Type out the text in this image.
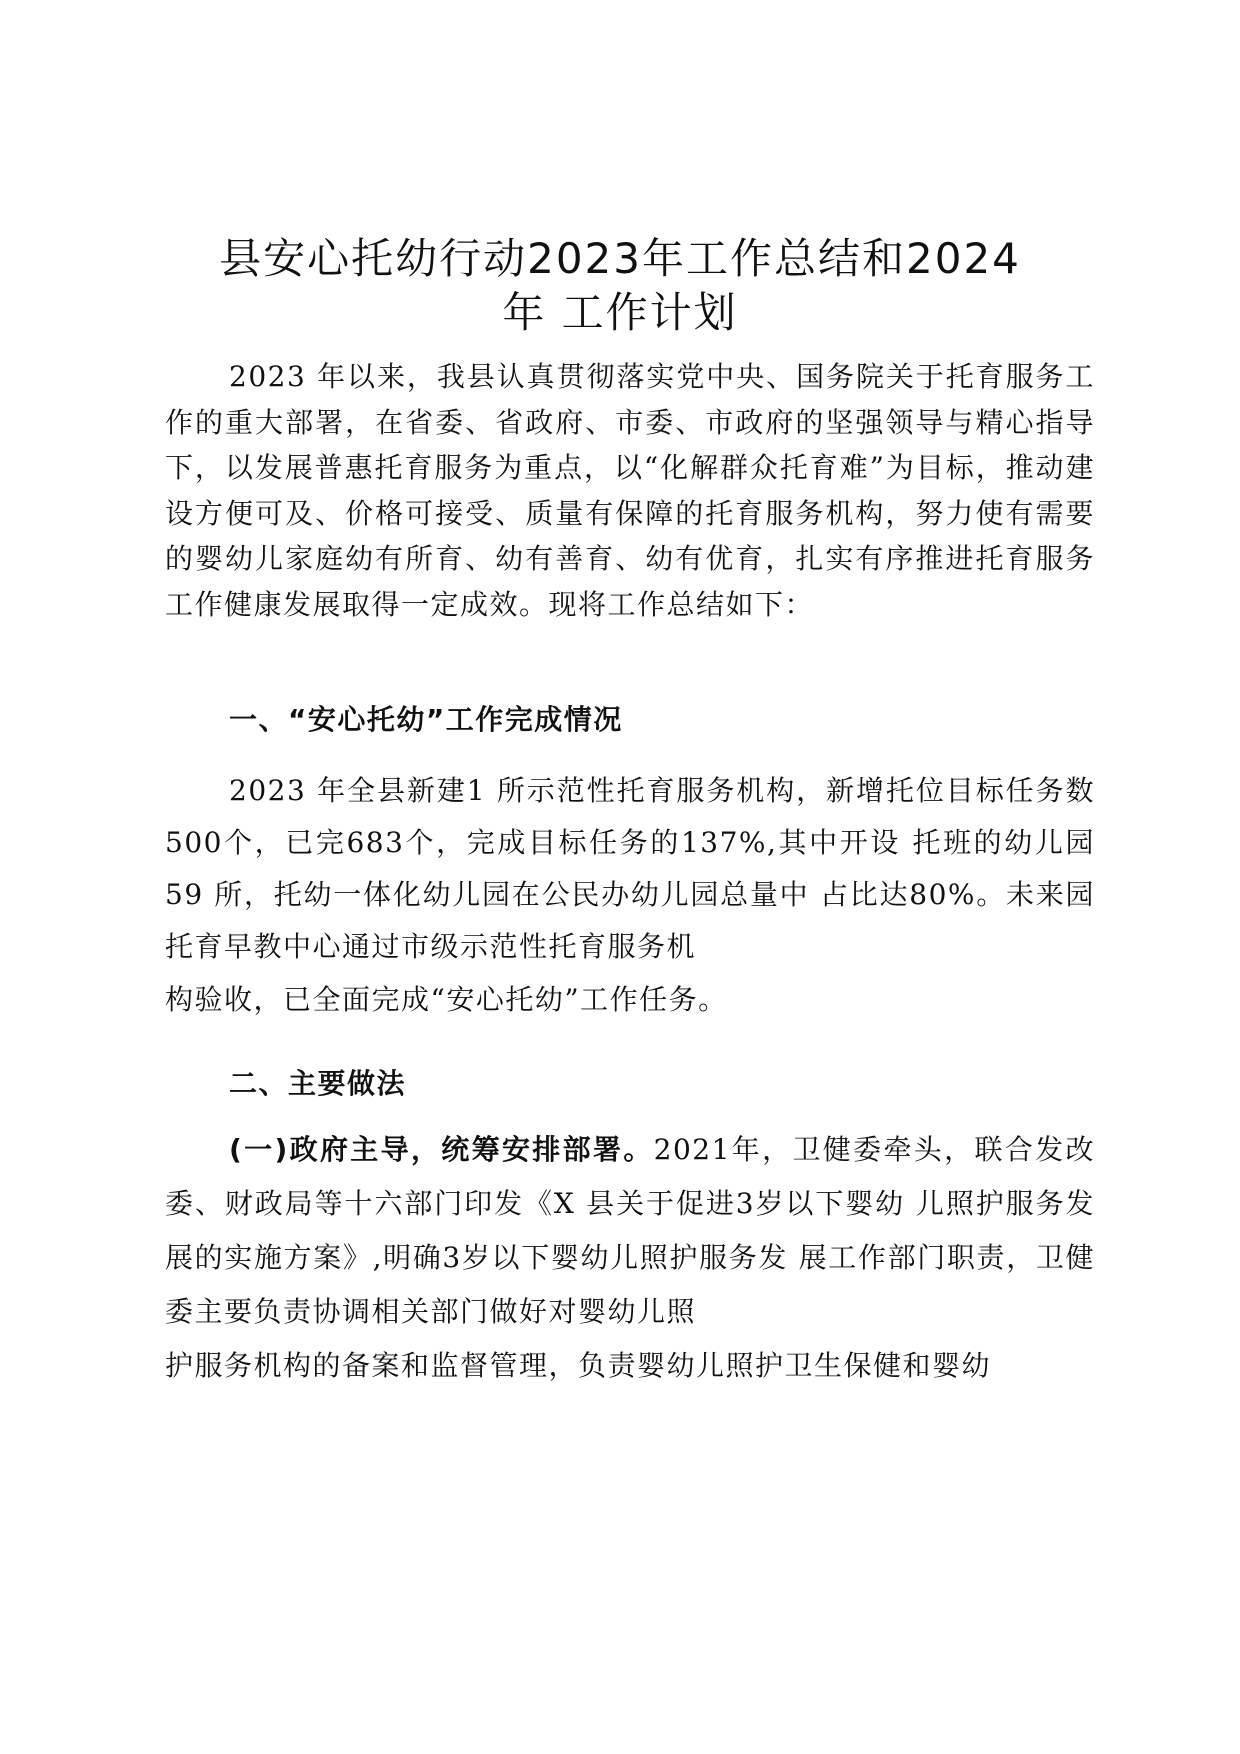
县安心托幼行动2023年工作总结和2024
年 工作计划

2023 年以来，我县认真贯彻落实党中央、国务院关于托育服务工作的重大部署，在省委、省政府、市委、市政府的坚强领导与精心指导下，以发展普惠托育服务为重点，以“化解群众托育难”为目标，推动建设方便可及、价格可接受、质量有保障的托育服务机构，努力使有需要的婴幼儿家庭幼有所育、幼有善育、幼有优育，扎实有序推进托育服务工作健康发展取得一定成效。现将工作总结如下：

一、“安心托幼”工作完成情况

2023 年全县新建1 所示范性托育服务机构，新增托位目标任务数500个，已完683个，完成目标任务的137%,其中开设 托班的幼儿园59 所，托幼一体化幼儿园在公民办幼儿园总量中 占比达80%。未来园托育早教中心通过市级示范性托育服务机

构验收，已全面完成“安心托幼”工作任务。

二、主要做法

(一)政府主导，统筹安排部署。2021年，卫健委牵头，联合发改委、财政局等十六部门印发《X 县关于促进3岁以下婴幼 儿照护服务发展的实施方案》,明确3岁以下婴幼儿照护服务发 展工作部门职责，卫健委主要负责协调相关部门做好对婴幼儿照

护服务机构的备案和监督管理，负责婴幼儿照护卫生保健和婴幼
